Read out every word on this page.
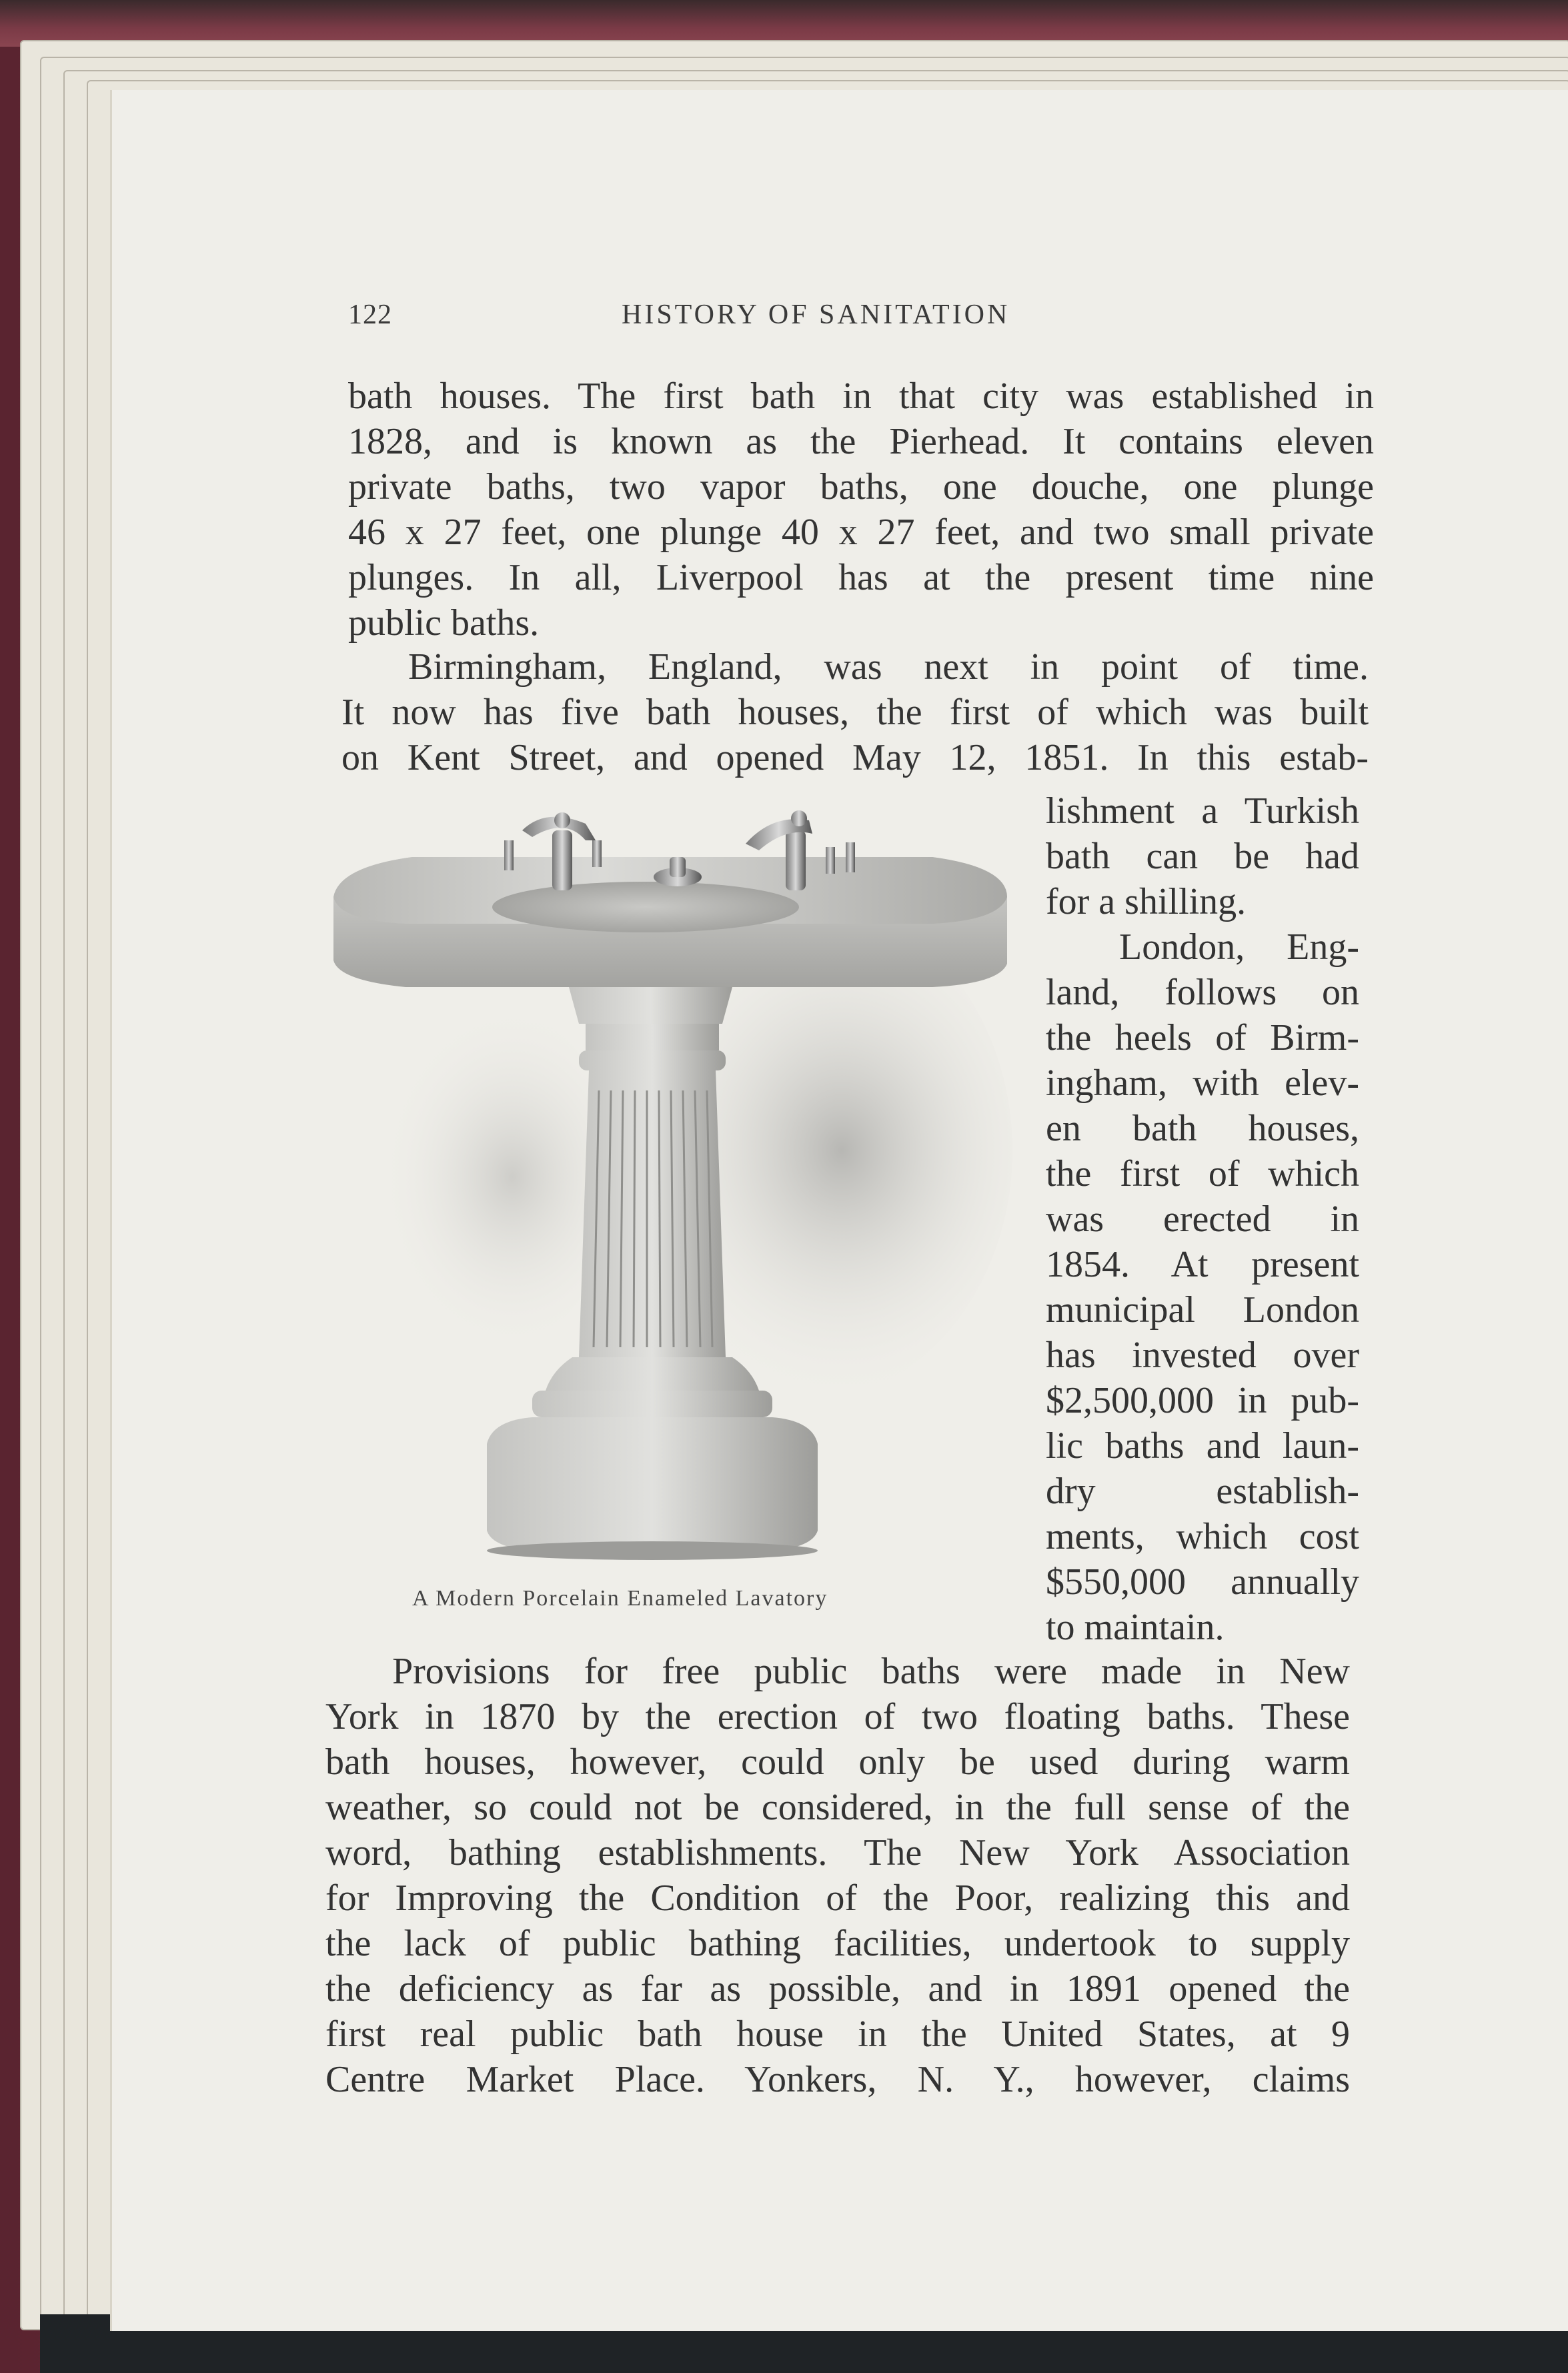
122	HISTORY OF SANITATION
bath houses. The first bath in that city was established in
1828, and is known as the Pierhead. It contains eleven
private baths, two vapor baths, one douche, one plunge
46 x 27 feet, one plunge 40 x 27 feet, and two small private
plunges. In all, Liverpool has at the present time nine
public baths.
Birmingham, England, was next in point of time.
It now has five bath houses, the first of which was built
on Kent Street, and opened May 12, 1851. In this estab-
A Modern Porcelain Enameled Lavatory
lishment a Turkish
bath can be had
for a shilling.
London, Eng-
land, follows on
the heels of Birm-
ingham, with elev-
en bath houses,
the first of which
was erected in
1854. At present
municipal London
has invested over
$2,500,000 in pub-
lic baths and laun-
dry establish-
ments, which cost
$550,000 annually
to maintain.
Provisions for free public baths were made in New
York in 1870 by the erection of two floating baths. These
bath houses, however, could only be used during warm
weather, so could not be considered, in the full sense of the
word, bathing establishments. The New York Association
for Improving the Condition of the Poor, realizing this and
the lack of public bathing facilities, undertook to supply
the deficiency as far as possible, and in 1891 opened the
first real public bath house in the United States, at 9
Centre Market Place. Yonkers, N. Y., however, claims
